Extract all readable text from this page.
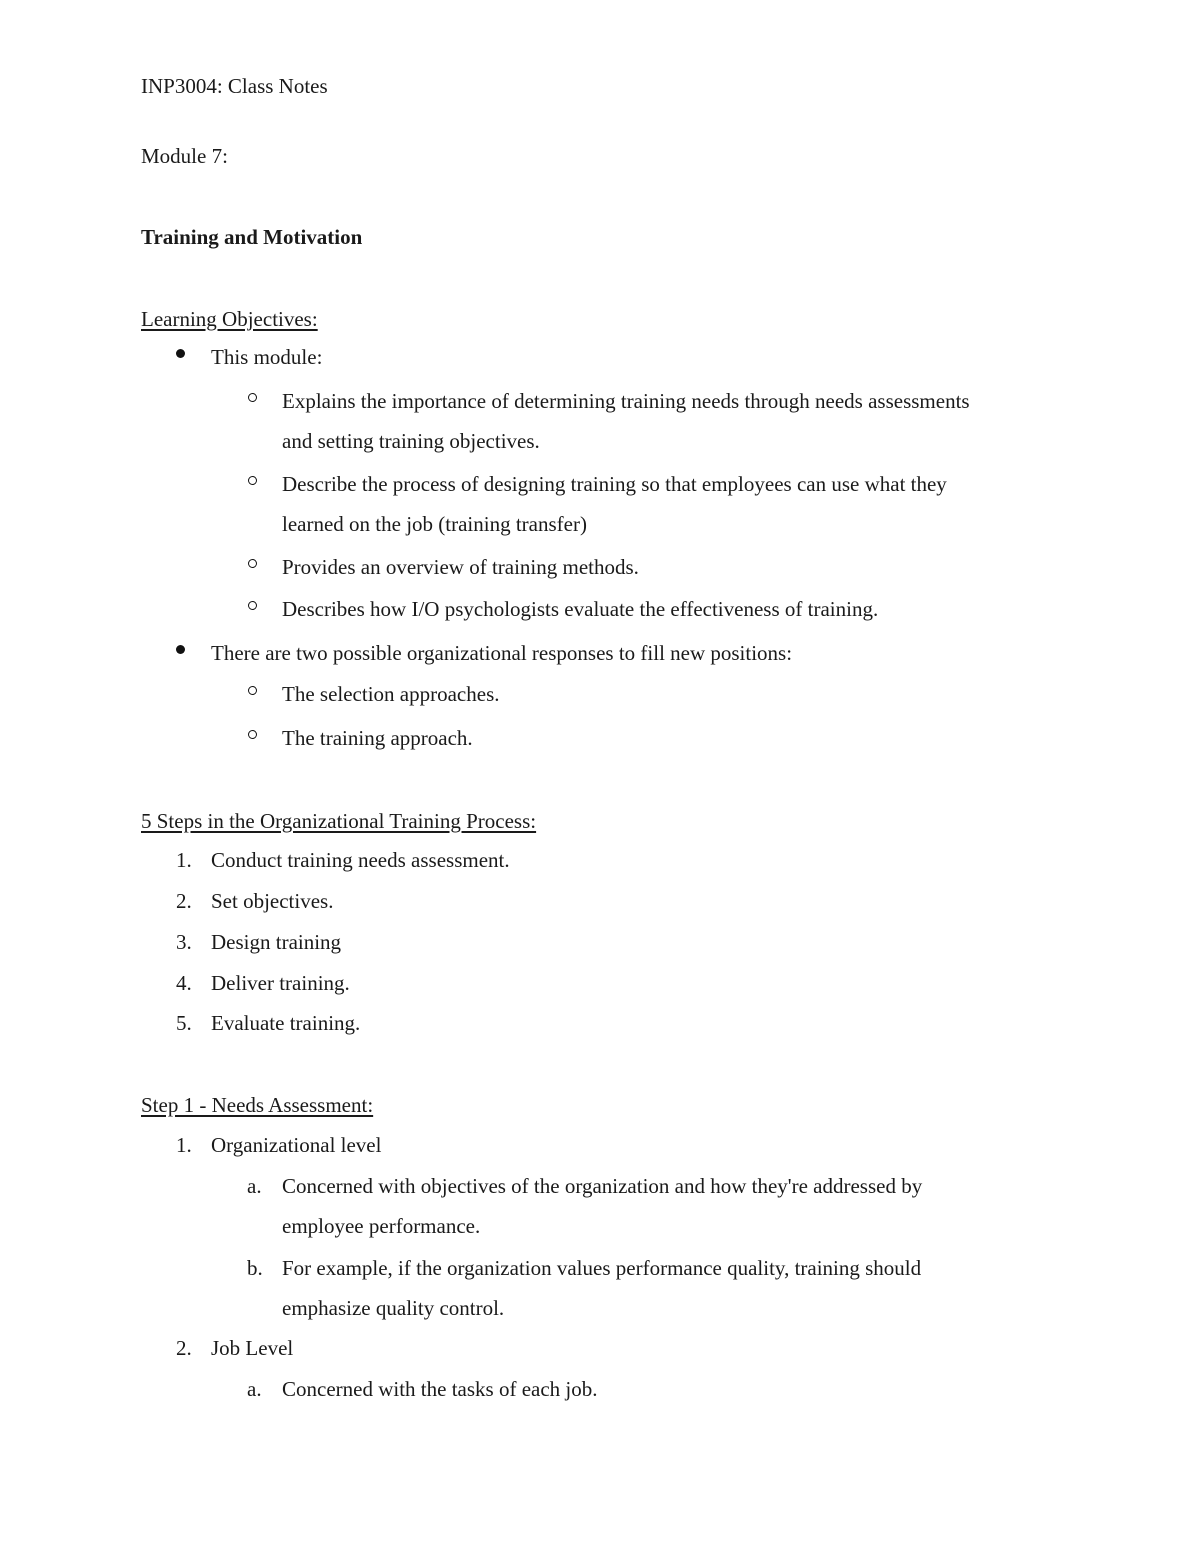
INP3004: Class Notes
Module 7:
Training and Motivation
Learning Objectives:
This module:
Explains the importance of determining training needs through needs assessments
and setting training objectives.
Describe the process of designing training so that employees can use what they
learned on the job (training transfer)
Provides an overview of training methods.
Describes how I/O psychologists evaluate the effectiveness of training.
There are two possible organizational responses to fill new positions:
The selection approaches.
The training approach.
5 Steps in the Organizational Training Process:
1. Conduct training needs assessment.
2. Set objectives.
3. Design training
4. Deliver training.
5. Evaluate training.
Step 1 - Needs Assessment:
1. Organizational level
a. Concerned with objectives of the organization and how they're addressed by
employee performance.
b. For example, if the organization values performance quality, training should
emphasize quality control.
2. Job Level
a. Concerned with the tasks of each job.
